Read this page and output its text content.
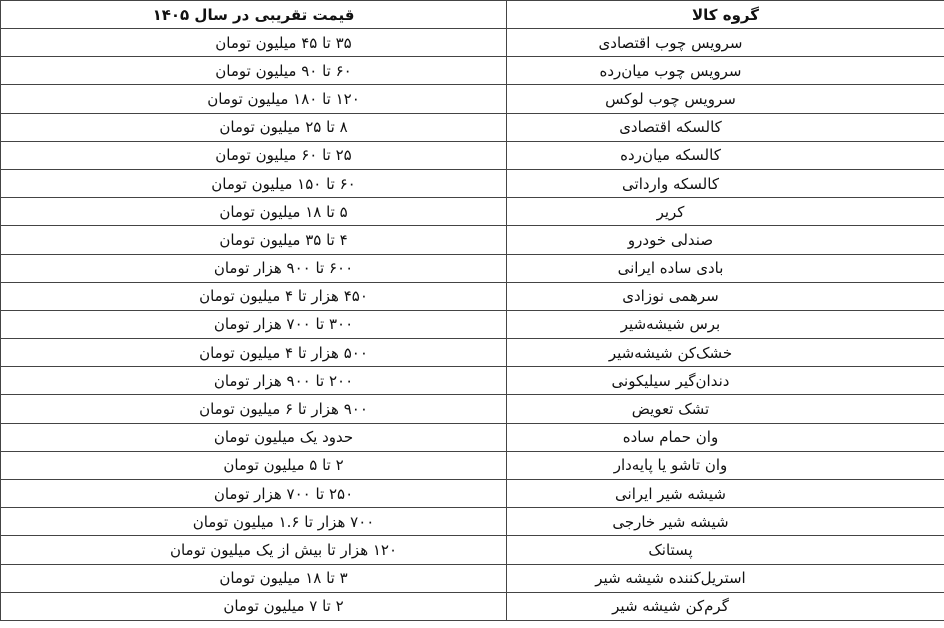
گروه کالا	قیمت تقریبی در سال ۱۴۰۵
سرویس چوب اقتصادی	۳۵ تا ۴۵ میلیون تومان
سرویس چوب میان‌رده	۶۰ تا ۹۰ میلیون تومان
سرویس چوب لوکس	۱۲۰ تا ۱۸۰ میلیون تومان
کالسکه اقتصادی	۸ تا ۲۵ میلیون تومان
کالسکه میان‌رده	۲۵ تا ۶۰ میلیون تومان
کالسکه وارداتی	۶۰ تا ۱۵۰ میلیون تومان
کریر	۵ تا ۱۸ میلیون تومان
صندلی خودرو	۴ تا ۳۵ میلیون تومان
بادی ساده ایرانی	۶۰۰ تا ۹۰۰ هزار تومان
سرهمی نوزادی	۴۵۰ هزار تا ۴ میلیون تومان
برس شیشه‌شیر	۳۰۰ تا ۷۰۰ هزار تومان
خشک‌کن شیشه‌شیر	۵۰۰ هزار تا ۴ میلیون تومان
دندان‌گیر سیلیکونی	۲۰۰ تا ۹۰۰ هزار تومان
تشک تعویض	۹۰۰ هزار تا ۶ میلیون تومان
وان حمام ساده	حدود یک میلیون تومان
وان تاشو یا پایه‌دار	۲ تا ۵ میلیون تومان
شیشه شیر ایرانی	۲۵۰ تا ۷۰۰ هزار تومان
شیشه شیر خارجی	۷۰۰ هزار تا ۱.۶ میلیون تومان
پستانک	۱۲۰ هزار تا بیش از یک میلیون تومان
استریل‌کننده شیشه شیر	۳ تا ۱۸ میلیون تومان
گرم‌کن شیشه شیر	۲ تا ۷ میلیون تومان
